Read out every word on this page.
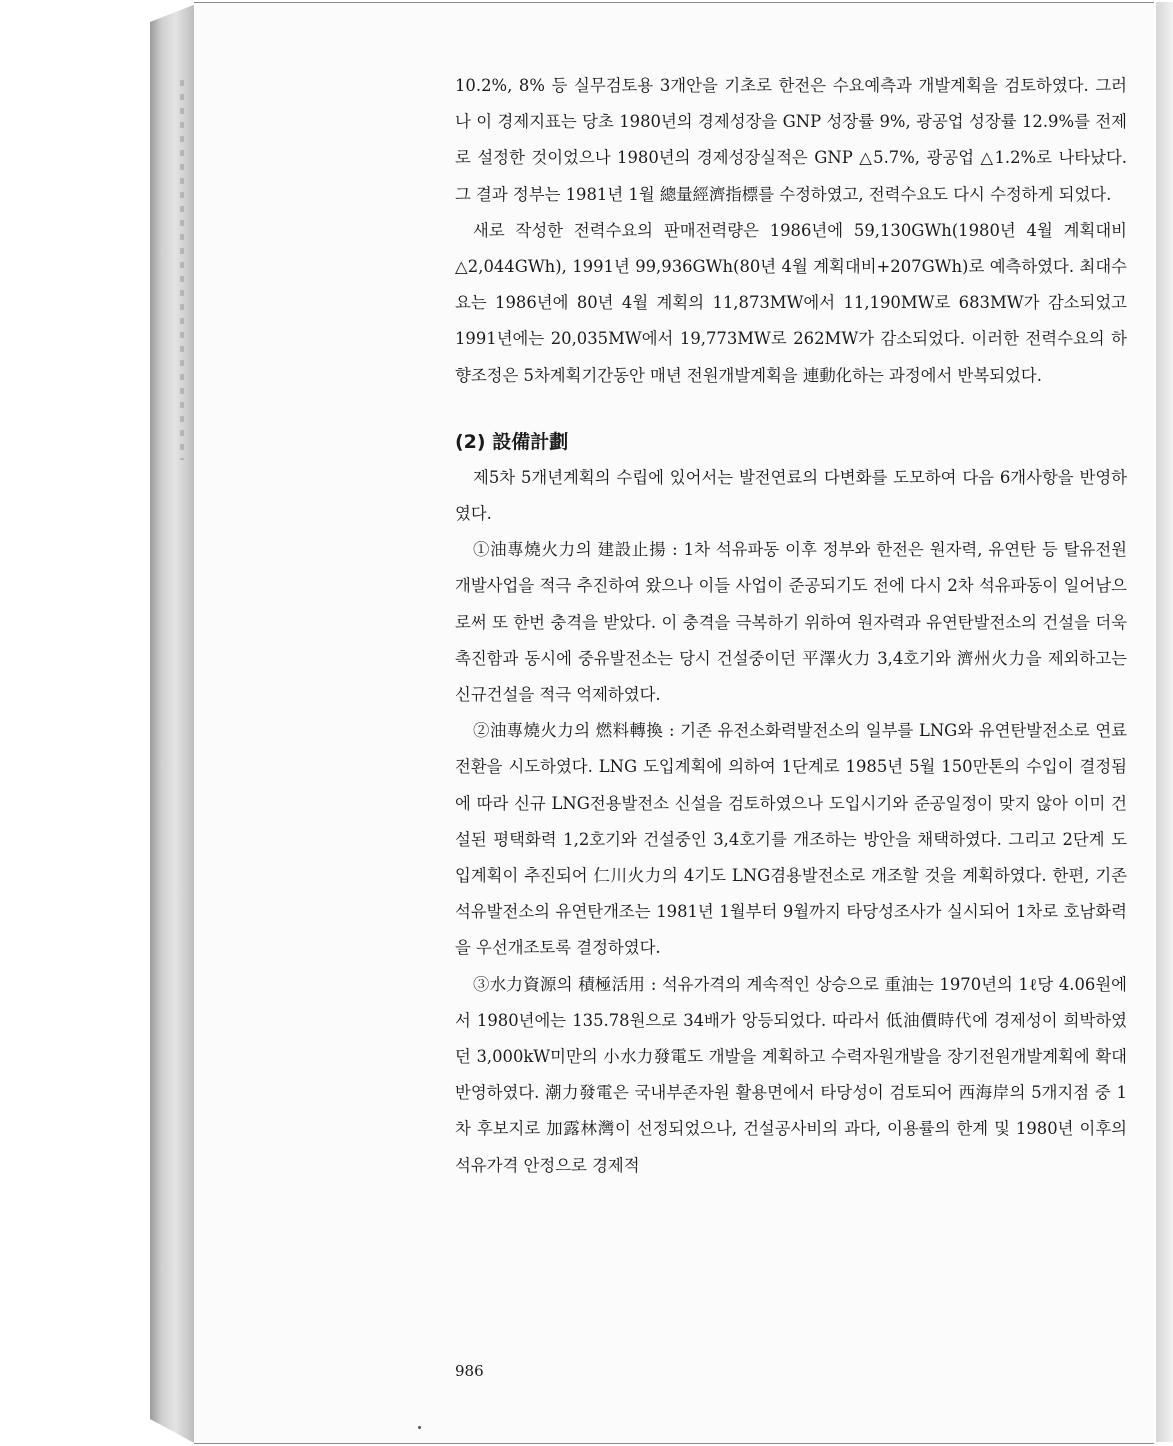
10.2%, 8% 등 실무검토용 3개안을 기초로 한전은 수요예측과 개발계획을 검토하였다. 그러나 이 경제지표는 당초 1980년의 경제성장을 GNP 성장률 9%, 광공업 성장률 12.9%를 전제로 설정한 것이었으나 1980년의 경제성장실적은 GNP △5.7%, 광공업 △1.2%로 나타났다. 그 결과 정부는 1981년 1월 總量經濟指標를 수정하였고, 전력수요도 다시 수정하게 되었다.

새로 작성한 전력수요의 판매전력량은 1986년에 59,130GWh(1980년 4월 계획대비 △2,044GWh), 1991년 99,936GWh(80년 4월 계획대비+207GWh)로 예측하였다. 최대수요는 1986년에 80년 4월 계획의 11,873MW에서 11,190MW로 683MW가 감소되었고 1991년에는 20,035MW에서 19,773MW로 262MW가 감소되었다. 이러한 전력수요의 하향조정은 5차계획기간동안 매년 전원개발계획을 連動化하는 과정에서 반복되었다.

(2) 設備計劃

제5차 5개년계획의 수립에 있어서는 발전연료의 다변화를 도모하여 다음 6개사항을 반영하였다.

①油專燒火力의 建設止揚 : 1차 석유파동 이후 정부와 한전은 원자력, 유연탄 등 탈유전원개발사업을 적극 추진하여 왔으나 이들 사업이 준공되기도 전에 다시 2차 석유파동이 일어남으로써 또 한번 충격을 받았다. 이 충격을 극복하기 위하여 원자력과 유연탄발전소의 건설을 더욱 촉진함과 동시에 중유발전소는 당시 건설중이던 平澤火力 3,4호기와 濟州火力을 제외하고는 신규건설을 적극 억제하였다.

②油專燒火力의 燃料轉換 : 기존 유전소화력발전소의 일부를 LNG와 유연탄발전소로 연료전환을 시도하였다. LNG 도입계획에 의하여 1단계로 1985년 5월 150만톤의 수입이 결정됨에 따라 신규 LNG전용발전소 신설을 검토하였으나 도입시기와 준공일정이 맞지 않아 이미 건설된 평택화력 1,2호기와 건설중인 3,4호기를 개조하는 방안을 채택하였다. 그리고 2단계 도입계획이 추진되어 仁川火力의 4기도 LNG겸용발전소로 개조할 것을 계획하였다. 한편, 기존 석유발전소의 유연탄개조는 1981년 1월부터 9월까지 타당성조사가 실시되어 1차로 호남화력을 우선개조토록 결정하였다.

③水力資源의 積極活用 : 석유가격의 계속적인 상승으로 重油는 1970년의 1ℓ당 4.06원에서 1980년에는 135.78원으로 34배가 앙등되었다. 따라서 低油價時代에 경제성이 희박하였던 3,000kW미만의 小水力發電도 개발을 계획하고 수력자원개발을 장기전원개발계획에 확대 반영하였다. 潮力發電은 국내부존자원 활용면에서 타당성이 검토되어 西海岸의 5개지점 중 1차 후보지로 加露林灣이 선정되었으나, 건설공사비의 과다, 이용률의 한계 및 1980년 이후의 석유가격 안정으로 경제적

986
